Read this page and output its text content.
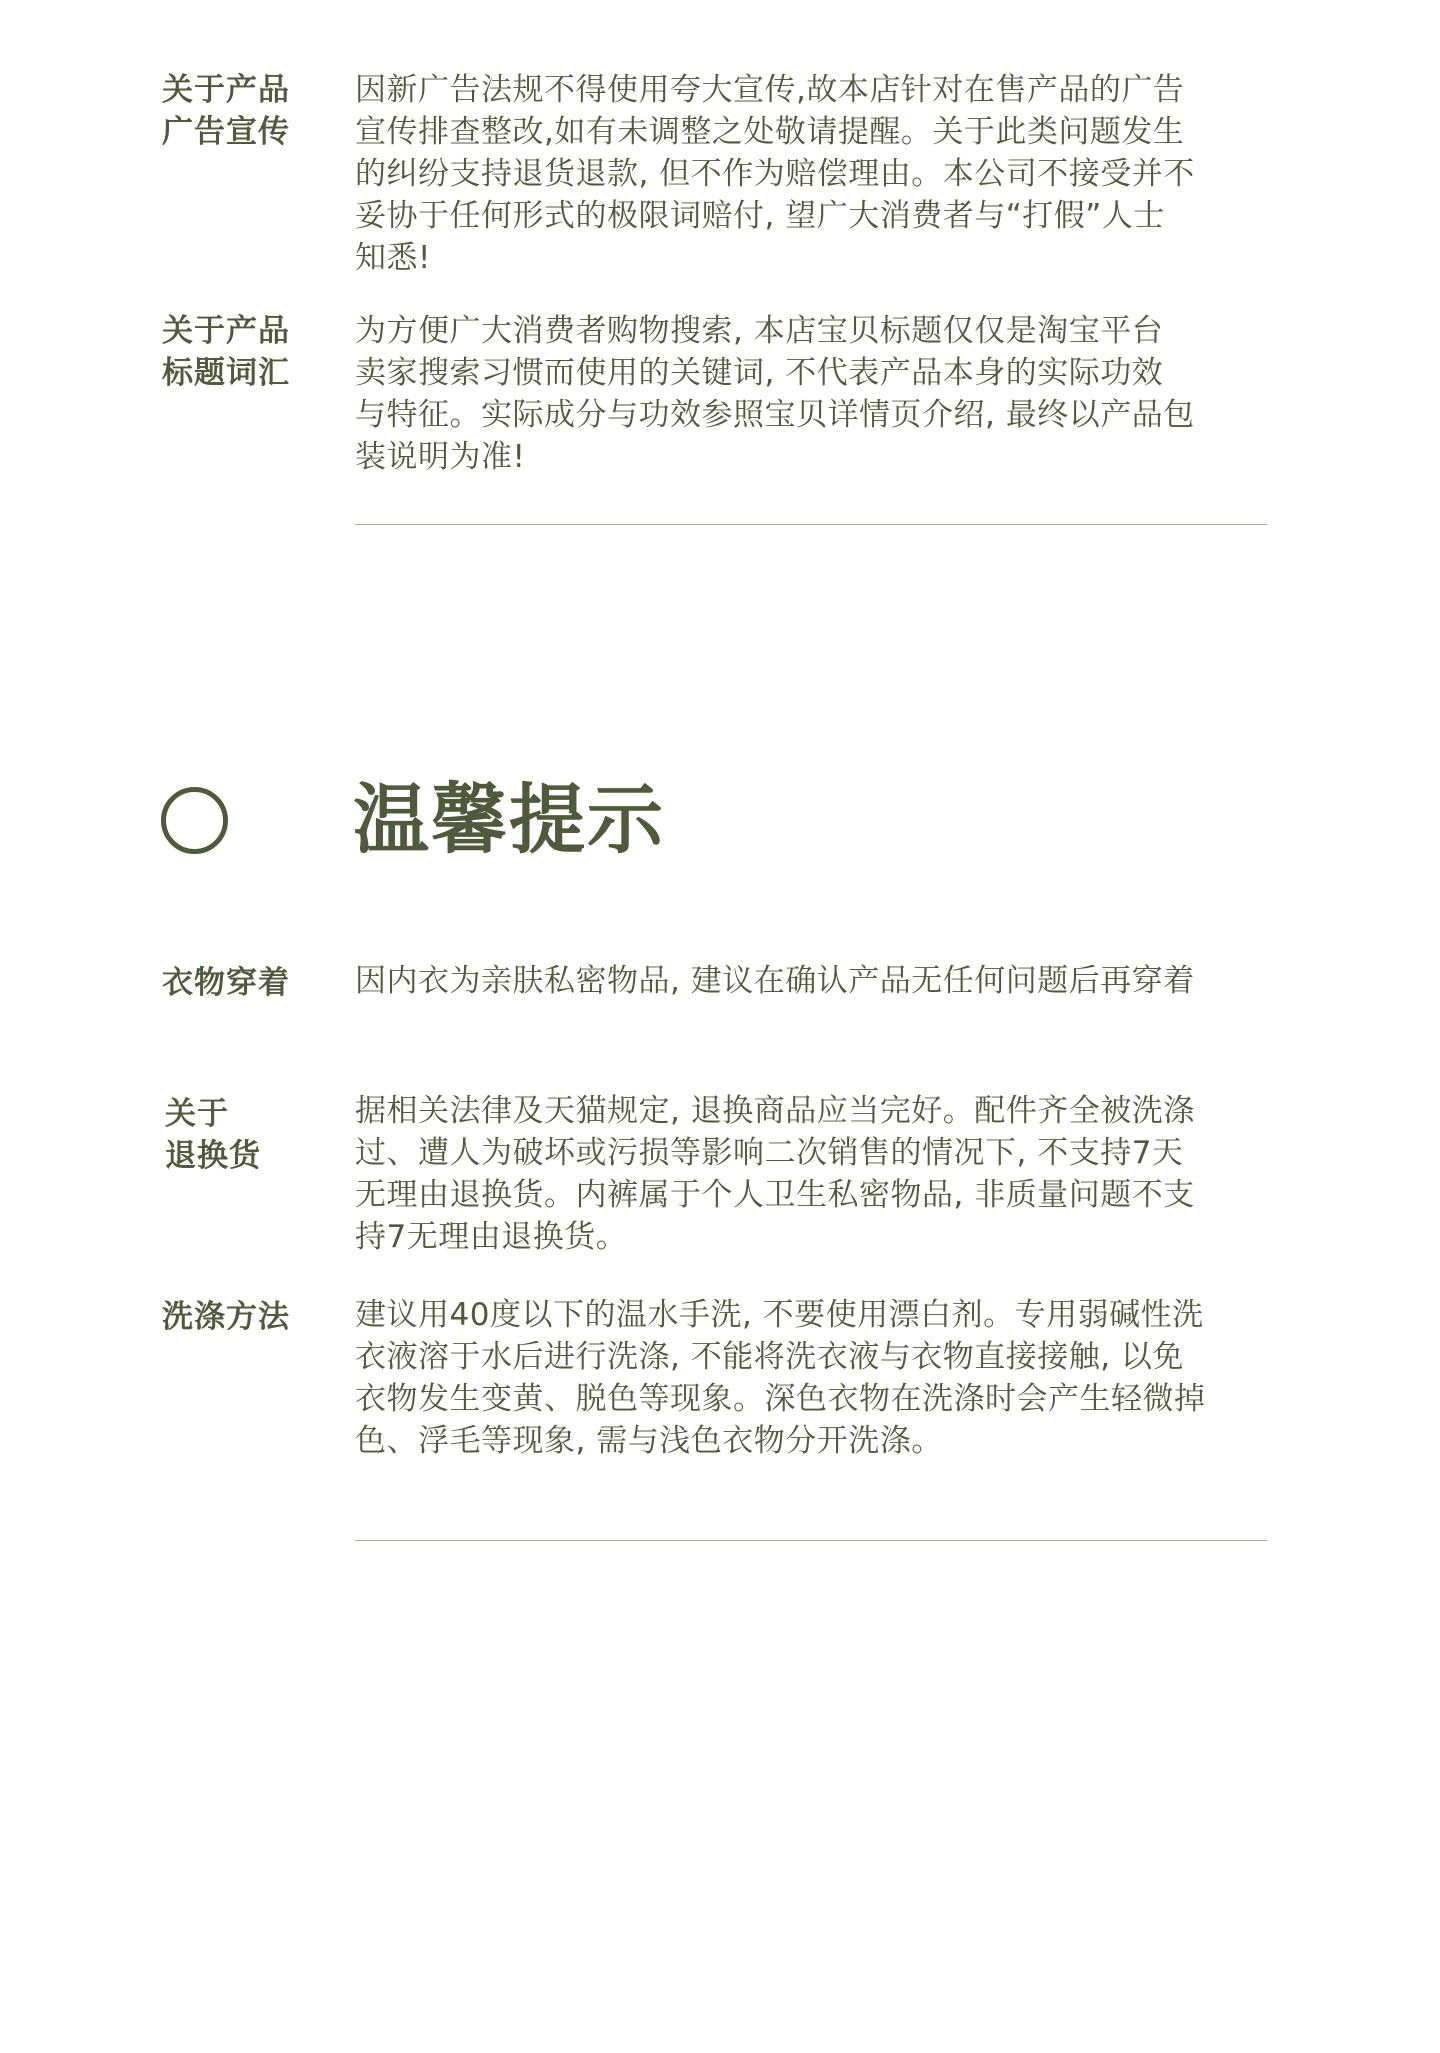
关于产品
广告宣传
因新广告法规不得使用夸大宣传,故本店针对在售产品的广告
宣传排查整改,如有未调整之处敬请提醒。关于此类问题发生
的纠纷支持退货退款, 但不作为赔偿理由。本公司不接受并不
妥协于任何形式的极限词赔付, 望广大消费者与“打假”人士
知悉!
关于产品
标题词汇
为方便广大消费者购物搜索, 本店宝贝标题仅仅是淘宝平台
卖家搜索习惯而使用的关键词, 不代表产品本身的实际功效
与特征。实际成分与功效参照宝贝详情页介绍, 最终以产品包
装说明为准!
温馨提示
衣物穿着	因内衣为亲肤私密物品, 建议在确认产品无任何问题后再穿着
关于
退换货
据相关法律及天猫规定, 退换商品应当完好。配件齐全被洗涤
过、遭人为破坏或污损等影响二次销售的情况下, 不支持7天
无理由退换货。内裤属于个人卫生私密物品, 非质量问题不支
持7无理由退换货。
洗涤方法	建议用40度以下的温水手洗, 不要使用漂白剂。专用弱碱性洗
衣液溶于水后进行洗涤, 不能将洗衣液与衣物直接接触, 以免
衣物发生变黄、脱色等现象。深色衣物在洗涤时会产生轻微掉
色、浮毛等现象, 需与浅色衣物分开洗涤。
